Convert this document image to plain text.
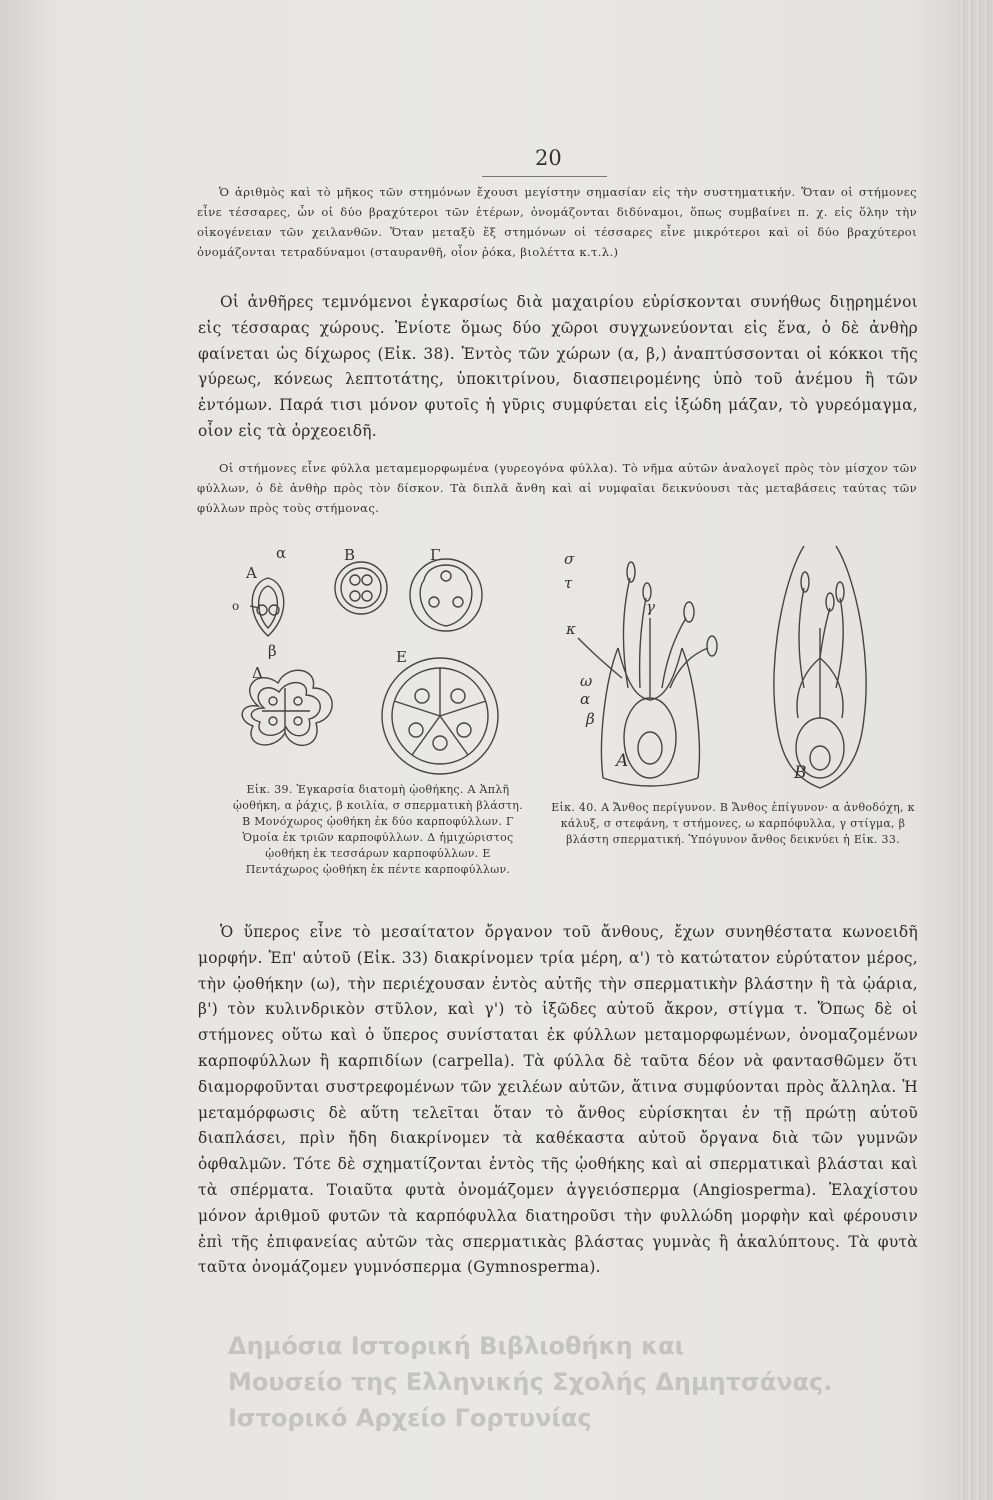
20

Ὁ ἀριθμὸς καὶ τὸ μῆκος τῶν στημόνων ἔχουσι μεγίστην σημασίαν εἰς τὴν συστηματικήν. Ὅταν οἱ στήμονες εἶνε τέσσαρες, ὧν οἱ δύο βραχύτεροι τῶν ἑτέρων, ὀνομάζονται διδύναμοι, ὅπως συμβαίνει π. χ. εἰς ὅλην τὴν οἰκογένειαν τῶν χειλανθῶν. Ὅταν μεταξὺ ἕξ στημόνων οἱ τέσσαρες εἶνε μικρότεροι καὶ οἱ δύο βραχύτεροι ὀνομάζονται τετραδύναμοι (σταυρανθῆ, οἷον ῥόκα, βιολέττα κ.τ.λ.)

Οἱ ἀνθῆρες τεμνόμενοι ἐγκαρσίως διὰ μαχαιρίου εὑρίσκονται συνήθως διῃρημένοι εἰς τέσσαρας χώρους. Ἐνίοτε ὅμως δύο χῶροι συγχωνεύονται εἰς ἕνα, ὁ δὲ ἀνθὴρ φαίνεται ὡς δίχωρος (Εἰκ. 38). Ἐντὸς τῶν χώρων (α, β,) ἀναπτύσσονται οἱ κόκκοι τῆς γύρεως, κόνεως λεπτοτάτης, ὑποκιτρίνου, διασπειρομένης ὑπὸ τοῦ ἀνέμου ἢ τῶν ἐντόμων. Παρά τισι μόνον φυτοῖς ἡ γῦρις συμφύεται εἰς ἰξώδη μάζαν, τὸ γυρεόμαγμα, οἷον εἰς τὰ ὀρχεοειδῆ.

Οἱ στήμονες εἶνε φύλλα μεταμεμορφωμένα (γυρεογόνα φύλλα). Τὸ νῆμα αὐτῶν ἀναλογεῖ πρὸς τὸν μίσχον τῶν φύλλων, ὁ δὲ ἀνθὴρ πρὸς τὸν δίσκον. Τὰ διπλᾶ ἄνθη καὶ αἱ νυμφαῖαι δεικνύουσι τὰς μεταβάσεις ταύτας τῶν φύλλων πρὸς τοὺς στήμονας.

α	Β	Γ
Α
o
β
Δ
Ε
σ
τ
γ
κ
ω
α
β
Α
Β
Εἰκ. 39. Ἐγκαρσία διατομὴ ᾠοθήκης. Α Ἁπλῆ ᾠοθήκη, α ῥάχις, β κοιλία, σ σπερματικὴ βλάστη. Β Μονόχωρος ᾠοθήκη ἐκ δύο καρποφύλλων. Γ Ὁμοία ἐκ τριῶν καρποφύλλων. Δ ἡμιχώριστος ᾠοθήκη ἐκ τεσσάρων καρποφύλλων. Ε Πεντάχωρος ᾠοθήκη ἐκ πέντε καρποφύλλων.
Εἰκ. 40. Α Ἄνθος περίγυνον. Β Ἄνθος ἐπίγυνον· α ἀνθοδόχη, κ κάλυξ, σ στεφάνη, τ στήμονες, ω καρπόφυλλα, γ στίγμα, β βλάστη σπερματική. Ὑπόγυνον ἄνθος δεικνύει ἡ Εἰκ. 33.

Ὁ ὕπερος εἶνε τὸ μεσαίτατον ὄργανον τοῦ ἄνθους, ἔχων συνηθέστατα κωνοειδῆ μορφήν. Ἐπ' αὐτοῦ (Εἰκ. 33) διακρίνομεν τρία μέρη, α') τὸ κατώτατον εὐρύτατον μέρος, τὴν ᾠοθήκην (ω), τὴν περιέχουσαν ἐντὸς αὐτῆς τὴν σπερματικὴν βλάστην ἢ τὰ ᾠάρια, β') τὸν κυλινδρικὸν στῦλον, καὶ γ') τὸ ἰξῶδες αὐτοῦ ἄκρον, στίγμα τ. Ὅπως δὲ οἱ στήμονες οὕτω καὶ ὁ ὕπερος συνίσταται ἐκ φύλλων μεταμορφωμένων, ὀνομαζομένων καρποφύλλων ἢ καρπιδίων (carpella). Τὰ φύλλα δὲ ταῦτα δέον νὰ φαντασθῶμεν ὅτι διαμορφοῦνται συστρεφομένων τῶν χειλέων αὐτῶν, ἅτινα συμφύονται πρὸς ἄλληλα. Ἡ μεταμόρφωσις δὲ αὕτη τελεῖται ὅταν τὸ ἄνθος εὑρίσκηται ἐν τῇ πρώτῃ αὐτοῦ διαπλάσει, πρὶν ἤδη διακρίνομεν τὰ καθέκαστα αὐτοῦ ὄργανα διὰ τῶν γυμνῶν ὀφθαλμῶν. Τότε δὲ σχηματίζονται ἐντὸς τῆς ᾠοθήκης καὶ αἱ σπερματικαὶ βλάσται καὶ τὰ σπέρματα. Τοιαῦτα φυτὰ ὀνομάζομεν ἀγγειόσπερμα (Angiosperma). Ἐλαχίστου μόνον ἀριθμοῦ φυτῶν τὰ καρπόφυλλα διατηροῦσι τὴν φυλλώδη μορφὴν καὶ φέρουσιν ἐπὶ τῆς ἐπιφανείας αὐτῶν τὰς σπερματικὰς βλάστας γυμνὰς ἢ ἀκαλύπτους. Τὰ φυτὰ ταῦτα ὀνομάζομεν γυμνόσπερμα (Gymnosperma).

Δημόσια Ιστορική Βιβλιοθήκη και
Μουσείο της Ελληνικής Σχολής Δημητσάνας.
Ιστορικό Αρχείο Γορτυνίας
